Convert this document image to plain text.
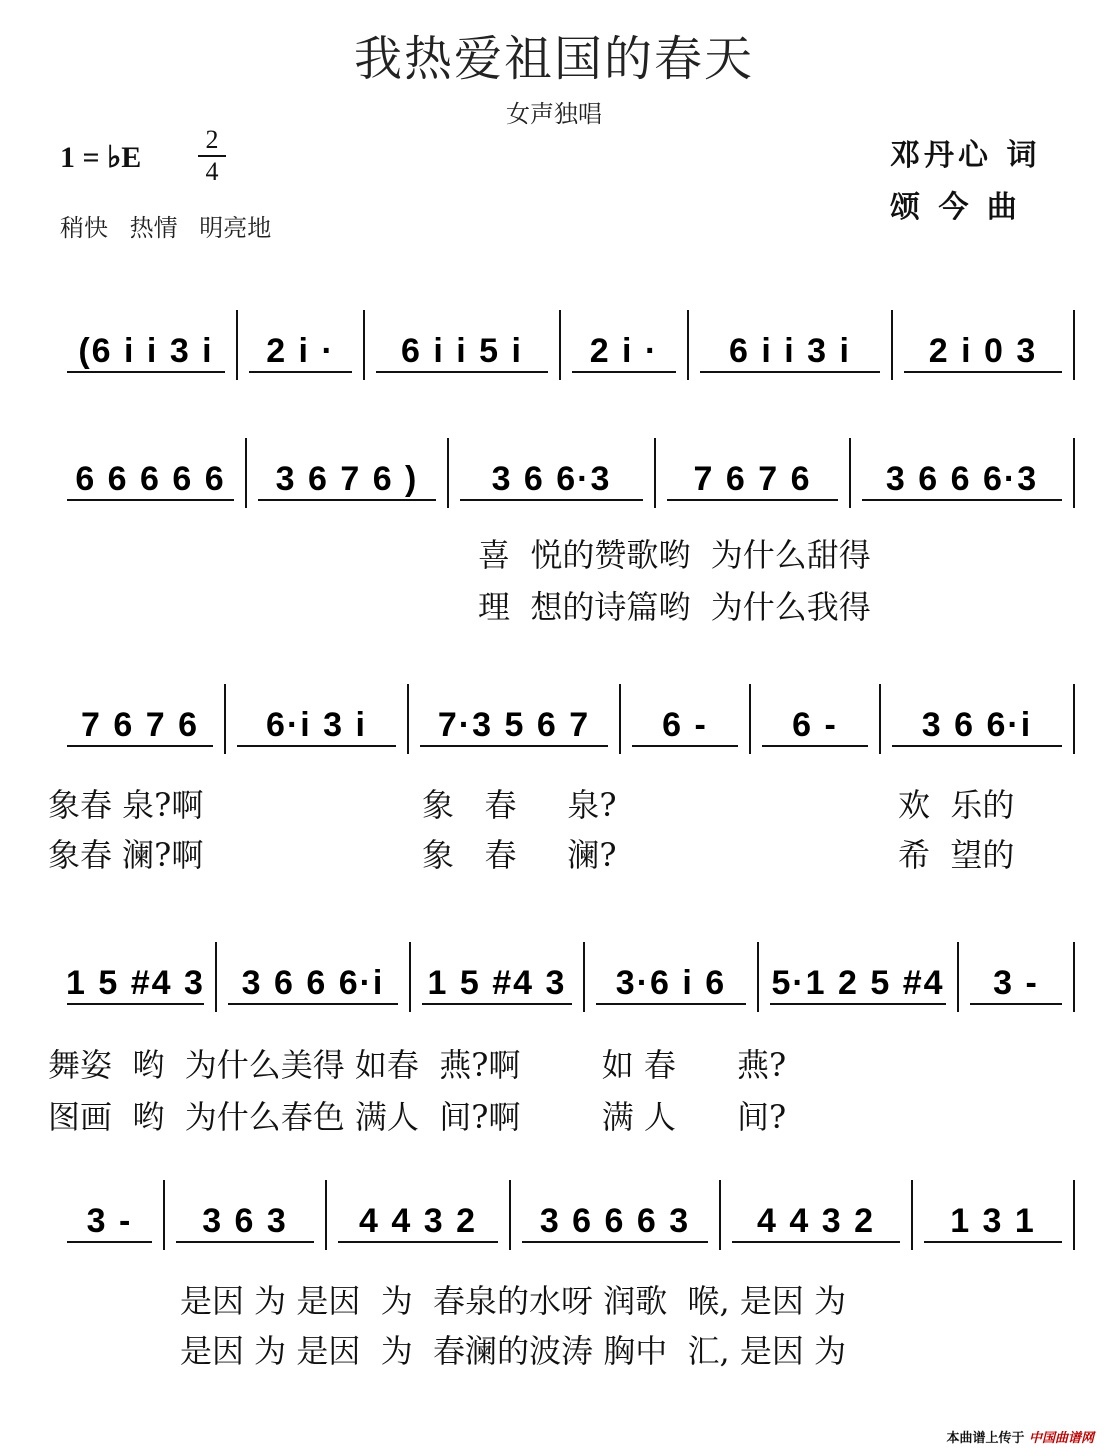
我热爱祖国的春天
女声独唱
1 = ♭E
2
4
稍快 热情 明亮地
邓丹心 词
颂 今 曲
(6 i i 3 i 2 i · 6 i i 5 i 2 i · 6 i i 3 i 2 i 0 3
6 6 6 6 6 3 6 7 6 ) 3 6 6·3 7 6 7 6 3 6 6 6·3
7 6 7 6 6·i 3 i 7·3 5 6 7 6 - 6 - 3 6 6·i
1 5 #4 3 3 6 6 6·i 1 5 #4 3 3·6 i 6 5·1 2 5 #4 3 -
3 - 3 6 3 4 4 3 2 3 6 6 6 3 4 4 3 2 1 3 1
喜  悦的赞歌哟  为什么甜得
理  想的诗篇哟  为什么我得
象春 泉?啊	象   春     泉?	欢  乐的
象春 澜?啊	象   春     澜?	希  望的
舞姿  哟  为什么美得 如春  燕?啊        如 春      燕?
图画  哟  为什么春色 满人  间?啊        满 人      间?
是因 为 是因  为  春泉的水呀 润歌  喉, 是因 为
是因 为 是因  为  春澜的波涛 胸中  汇, 是因 为
本曲谱上传于 中国曲谱网
